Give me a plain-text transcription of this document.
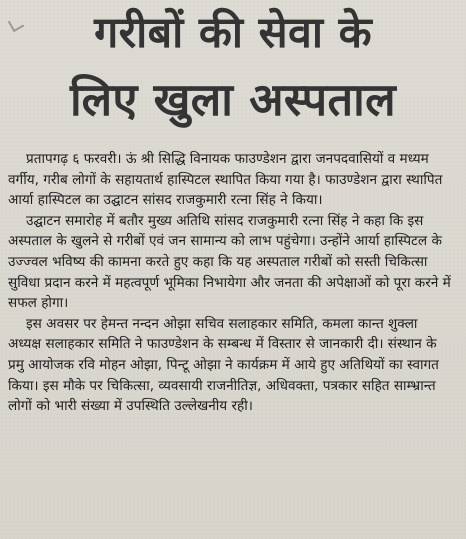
गरीबों की सेवा के
लिए खुला अस्पताल

प्रतापगढ़ ६ फरवरी। ऊं श्री सिद्धि विनायक फाउण्डेशन द्वारा जनपदवासियों व मध्यम वर्गीय, गरीब लोगों के सहायतार्थ हास्पिटल स्थापित किया गया है। फाउण्डेशन द्वारा स्थापित आर्या हास्पिटल का उद्घाटन सांसद राजकुमारी रत्ना सिंह ने किया।

उद्घाटन समारोह में बतौर मुख्य अतिथि सांसद राजकुमारी रत्ना सिंह ने कहा कि इस अस्पताल के खुलने से गरीबों एवं जन सामान्य को लाभ पहुंचेगा। उन्होंने आर्या हास्पिटल के उज्ज्वल भविष्य की कामना करते हुए कहा कि यह अस्पताल गरीबों को सस्ती चिकित्सा सुविधा प्रदान करने में महत्वपूर्ण भूमिका निभायेगा और जनता की अपेक्षाओं को पूरा करने में सफल होगा।

इस अवसर पर हेमन्त नन्दन ओझा सचिव सलाहकार समिति, कमला कान्त शुक्ला अध्यक्ष सलाहकार समिति ने फाउण्डेशन के सम्बन्ध में विस्तार से जानकारी दी। संस्थान के प्रमु आयोजक रवि मोहन ओझा, पिन्टू ओझा ने कार्यक्रम में आये हुए अतिथियों का स्वागत किया। इस मौके पर चिकित्सा, व्यवसायी राजनीतिज्ञ, अधिवक्ता, पत्रकार सहित साम्भ्रान्त लोगों को भारी संख्या में उपस्थिति उल्लेखनीय रही।
